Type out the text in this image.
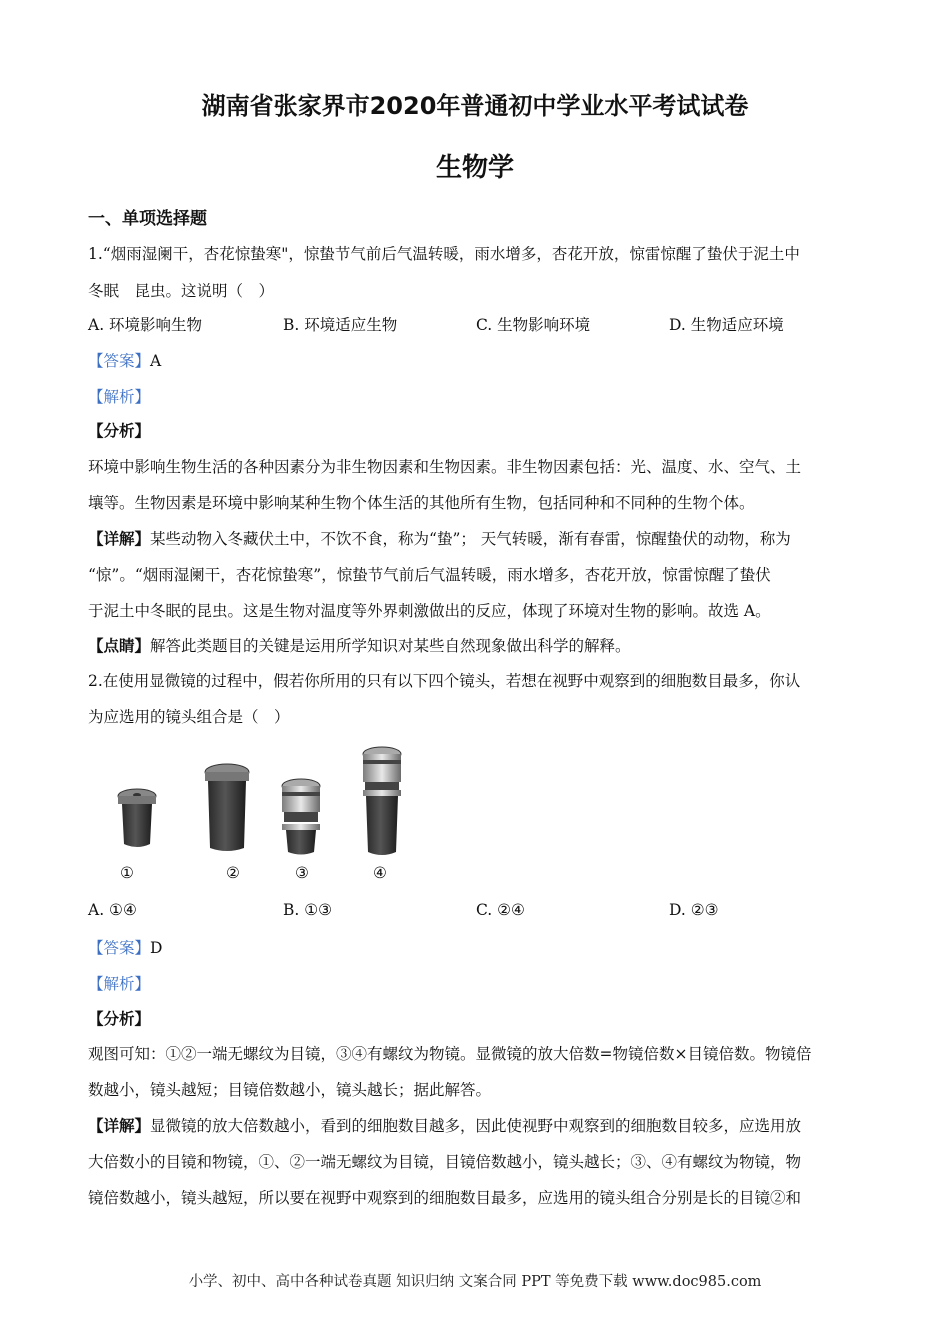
湖南省张家界市2020年普通初中学业水平考试试卷
生物学
一、单项选择题
1.“烟雨湿阑干，杏花惊蛰寒"，惊蛰节气前后气温转暖，雨水增多，杏花开放，惊雷惊醒了蛰伏于泥土中
冬眠　昆虫。这说明（　）
A. 环境影响生物	B. 环境适应生物	C. 生物影响环境	D. 生物适应环境
【答案】A
【解析】
【分析】
环境中影响生物生活的各种因素分为非生物因素和生物因素。非生物因素包括：光、温度、水、空气、土
壤等。生物因素是环境中影响某种生物个体生活的其他所有生物，包括同种和不同种的生物个体。
【详解】某些动物入冬藏伏土中，不饮不食，称为“蛰”； 天气转暖，渐有春雷，惊醒蛰伏的动物，称为
“惊”。“烟雨湿阑干，杏花惊蛰寒”，惊蛰节气前后气温转暖，雨水增多，杏花开放，惊雷惊醒了蛰伏
于泥土中冬眠的昆虫。这是生物对温度等外界刺激做出的反应，体现了环境对生物的影响。故选 A。
【点睛】解答此类题目的关键是运用所学知识对某些自然现象做出科学的解释。
2.在使用显微镜的过程中，假若你所用的只有以下四个镜头，若想在视野中观察到的细胞数目最多，你认
为应选用的镜头组合是（　）
①	②	③	④
A. ①④	B. ①③	C. ②④	D. ②③
【答案】D
【解析】
【分析】
观图可知：①②一端无螺纹为目镜，③④有螺纹为物镜。显微镜的放大倍数=物镜倍数×目镜倍数。物镜倍
数越小，镜头越短；目镜倍数越小，镜头越长；据此解答。
【详解】显微镜的放大倍数越小，看到的细胞数目越多，因此使视野中观察到的细胞数目较多，应选用放
大倍数小的目镜和物镜，①、②一端无螺纹为目镜，目镜倍数越小，镜头越长；③、④有螺纹为物镜，物
镜倍数越小，镜头越短，所以要在视野中观察到的细胞数目最多，应选用的镜头组合分别是长的目镜②和
小学、初中、高中各种试卷真题 知识归纳 文案合同 PPT 等免费下载 www.doc985.com
